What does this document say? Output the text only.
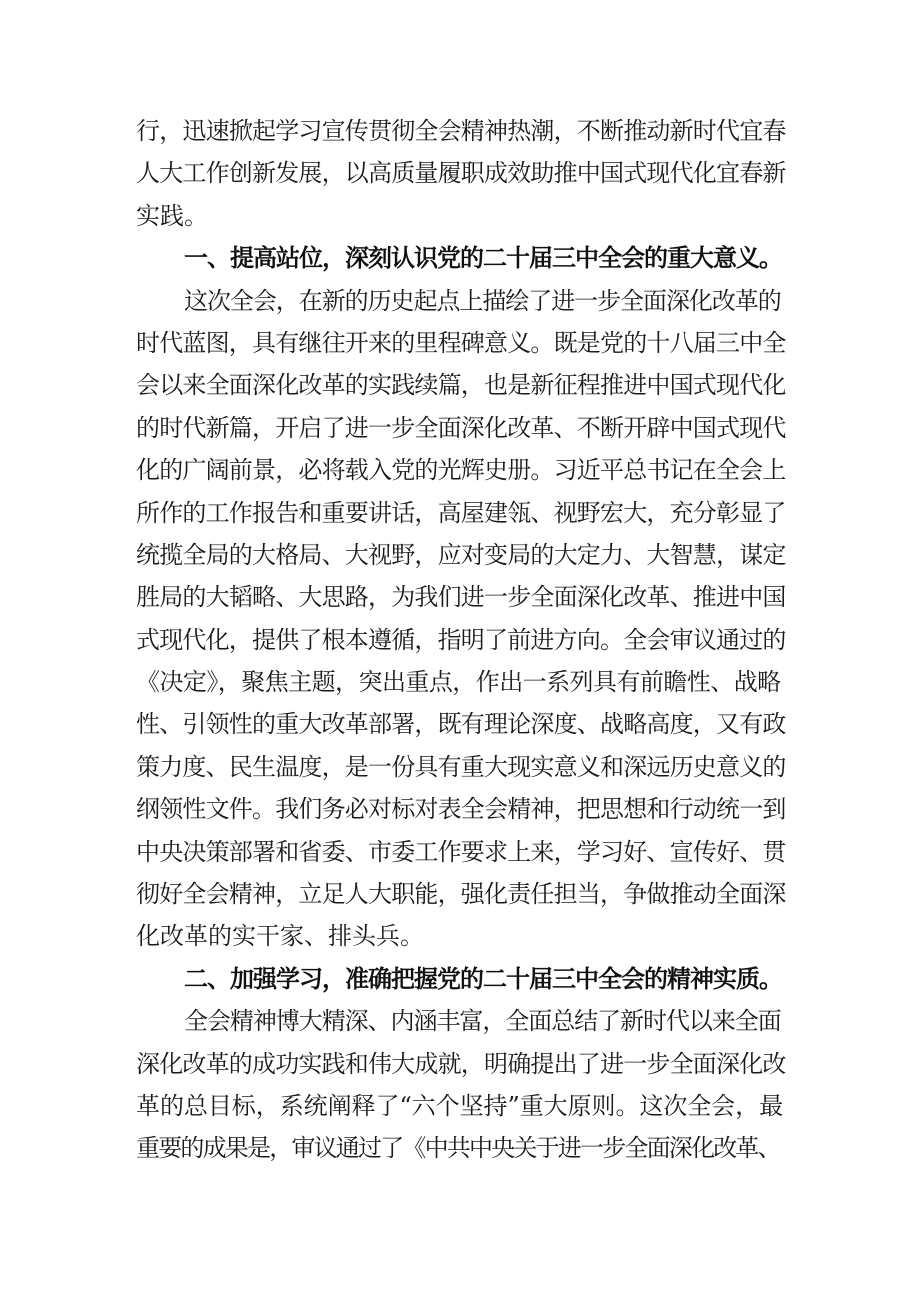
行，迅速掀起学习宣传贯彻全会精神热潮，不断推动新时代宜春
人大工作创新发展，以高质量履职成效助推中国式现代化宜春新
实践。
一、提高站位，深刻认识党的二十届三中全会的重大意义。
这次全会，在新的历史起点上描绘了进一步全面深化改革的
时代蓝图，具有继往开来的里程碑意义。既是党的十八届三中全
会以来全面深化改革的实践续篇，也是新征程推进中国式现代化
的时代新篇，开启了进一步全面深化改革、不断开辟中国式现代
化的广阔前景，必将载入党的光辉史册。习近平总书记在全会上
所作的工作报告和重要讲话，高屋建瓴、视野宏大，充分彰显了
统揽全局的大格局、大视野，应对变局的大定力、大智慧，谋定
胜局的大韬略、大思路，为我们进一步全面深化改革、推进中国
式现代化，提供了根本遵循，指明了前进方向。全会审议通过的
《决定》，聚焦主题，突出重点，作出一系列具有前瞻性、战略
性、引领性的重大改革部署，既有理论深度、战略高度，又有政
策力度、民生温度，是一份具有重大现实意义和深远历史意义的
纲领性文件。我们务必对标对表全会精神，把思想和行动统一到
中央决策部署和省委、市委工作要求上来，学习好、宣传好、贯
彻好全会精神，立足人大职能，强化责任担当，争做推动全面深
化改革的实干家、排头兵。
二、加强学习，准确把握党的二十届三中全会的精神实质。
全会精神博大精深、内涵丰富，全面总结了新时代以来全面
深化改革的成功实践和伟大成就，明确提出了进一步全面深化改
革的总目标，系统阐释了“六个坚持”重大原则。这次全会，最
重要的成果是，审议通过了《中共中央关于进一步全面深化改革、
